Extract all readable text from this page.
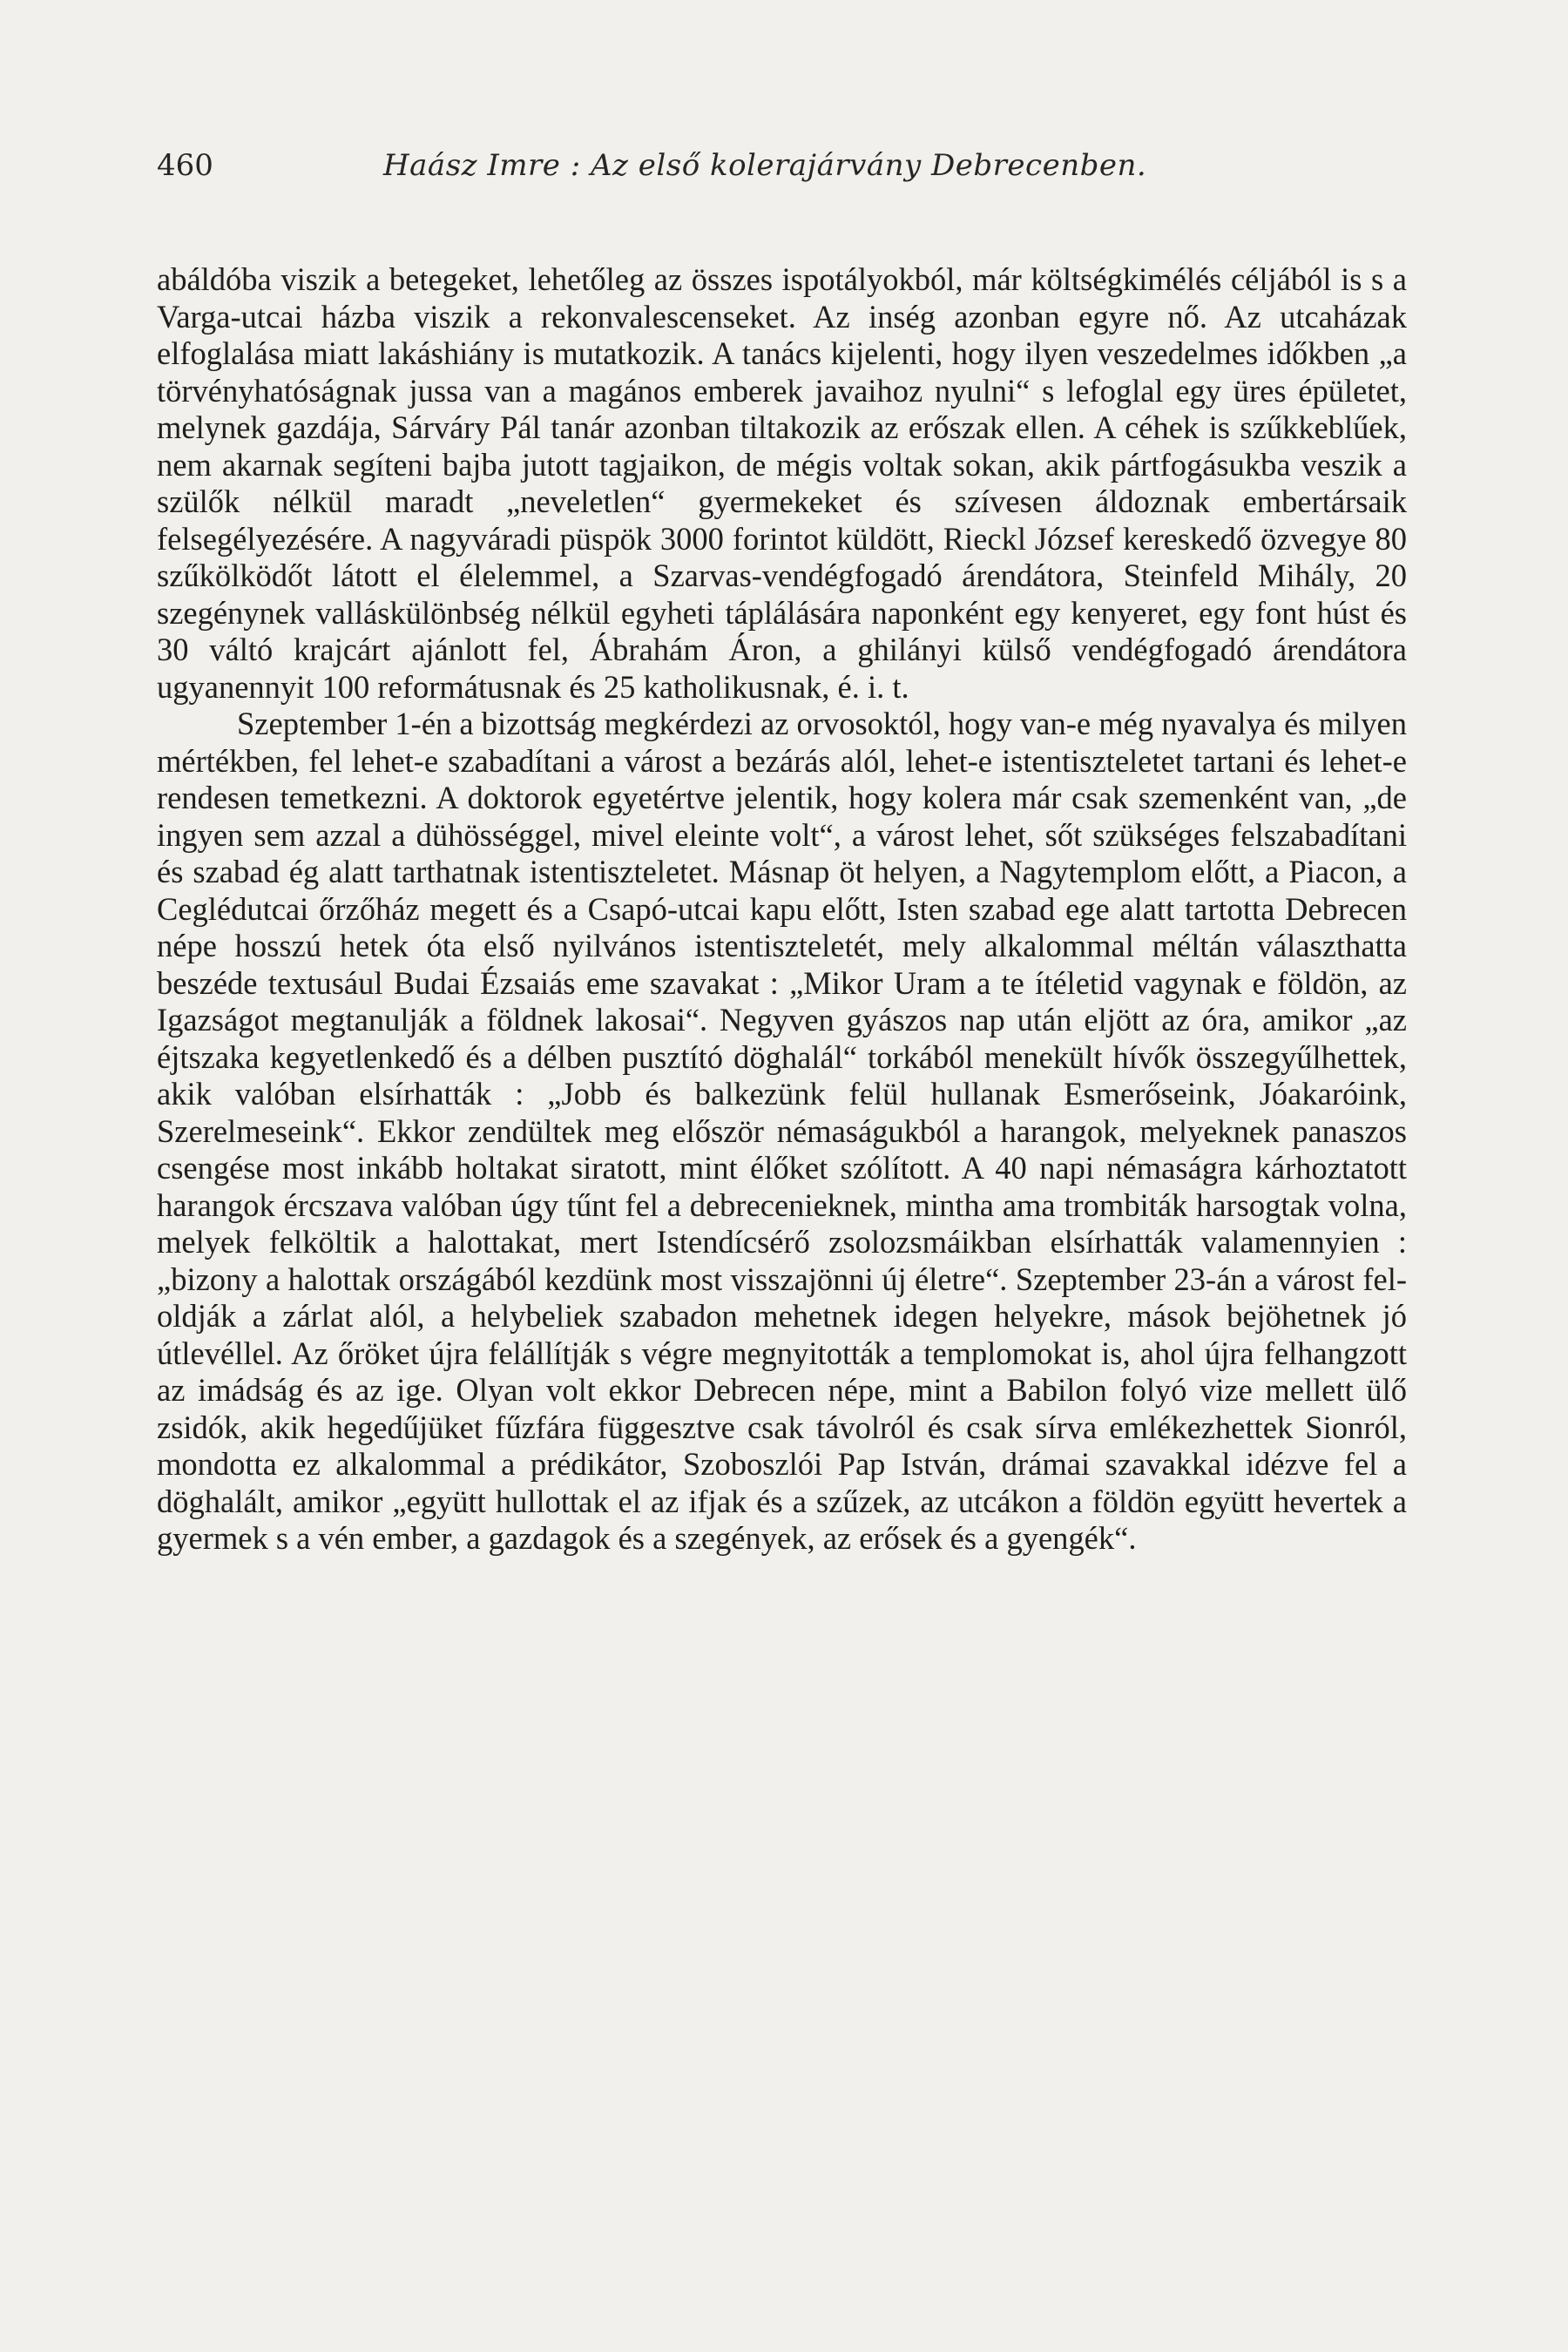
460	Haász Imre : Az első kolerajárvány Debrecenben.

abáldóba viszik a betegeket, lehetőleg az összes ispotályokból, már költségkimélés céljából is s a Varga-utcai házba viszik a rekonvalescenseket. Az inség azonban egyre nő. Az utcaházak elfoglalása miatt lakáshiány is mutatkozik. A tanács kijelenti, hogy ilyen veszedelmes időkben „a törvényhatóságnak jussa van a magános emberek javaihoz nyulni“ s lefoglal egy üres épületet, melynek gazdája, Sárváry Pál tanár azonban tiltakozik az erőszak ellen. A céhek is szűkkeblűek, nem akarnak segíteni bajba jutott tagjaikon, de mégis voltak sokan, akik pártfogásukba veszik a szülők nélkül maradt „neveletlen“ gyermekeket és szívesen áldoznak embertársaik felsegélyezésére. A nagyváradi püspök 3000 forintot küldött, Rieckl József kereskedő özvegye 80 szűkölködőt látott el élelemmel, a Szarvas-vendégfogadó árendátora, Steinfeld Mihály, 20 szegénynek valláskülönbség nélkül egyheti táplálására naponként egy kenyeret, egy font húst és 30 váltó krajcárt ajánlott fel, Ábrahám Áron, a ghilányi külső vendégfogadó árendátora ugyanennyit 100 reformátusnak és 25 katholikusnak, é. i. t.

Szeptember 1-én a bizottság megkérdezi az orvosoktól, hogy van-e még nyavalya és milyen mértékben, fel lehet-e szabadítani a várost a bezárás alól, lehet-e istentiszteletet tartani és lehet-e rendesen temetkezni. A doktorok egyetértve jelentik, hogy kolera már csak szemenként van, „de ingyen sem azzal a dühösséggel, mivel eleinte volt“, a várost lehet, sőt szükséges felszabadítani és szabad ég alatt tarthatnak istentiszteletet. Másnap öt helyen, a Nagytemplom előtt, a Piacon, a Ceglédutcai őrzőház megett és a Csapó-utcai kapu előtt, Isten szabad ege alatt tartotta Debrecen népe hosszú hetek óta első nyilvános istentiszteletét, mely alkalommal méltán választhatta beszéde textusául Budai Ézsaiás eme szavakat : „Mikor Uram a te ítéletid vagynak e földön, az Igazságot megtanulják a földnek lakosai“. Negyven gyászos nap után eljött az óra, amikor „az éjtszaka kegyetlenkedő és a délben pusztító döghalál“ torkából menekült hívők összegyűlhettek, akik valóban elsírhatták : „Jobb és balkezünk felül hullanak Esmerőseink, Jóakaróink, Szerelmeseink“. Ekkor zendültek meg először némaságukból a harangok, melyeknek panaszos csengése most inkább holtakat siratott, mint élőket szólított. A 40 napi némaságra kárhoztatott harangok ércszava valóban úgy tűnt fel a debrecenieknek, mintha ama trombiták harsogtak volna, melyek felköltik a halottakat, mert Istendícsérő zsolozsmáikban elsírhatták valamennyien : „bizony a halottak országából kezdünk most visszajönni új életre“. Szeptember 23-án a várost feloldják a zárlat alól, a helybeliek szabadon mehetnek idegen helyekre, mások bejöhetnek jó útlevéllel. Az őröket újra felállítják s végre megnyitották a templomokat is, ahol újra felhangzott az imádság és az ige. Olyan volt ekkor Debrecen népe, mint a Babilon folyó vize mellett ülő zsidók, akik hegedűjüket fűzfára függesztve csak távolról és csak sírva emlékezhettek Sionról, mondotta ez alkalommal a prédikátor, Szoboszlói Pap István, drámai szavakkal idézve fel a döghalált, amikor „együtt hullottak el az ifjak és a szűzek, az utcákon a földön együtt hevertek a gyermek s a vén ember, a gazdagok és a szegények, az erősek és a gyengék“.
